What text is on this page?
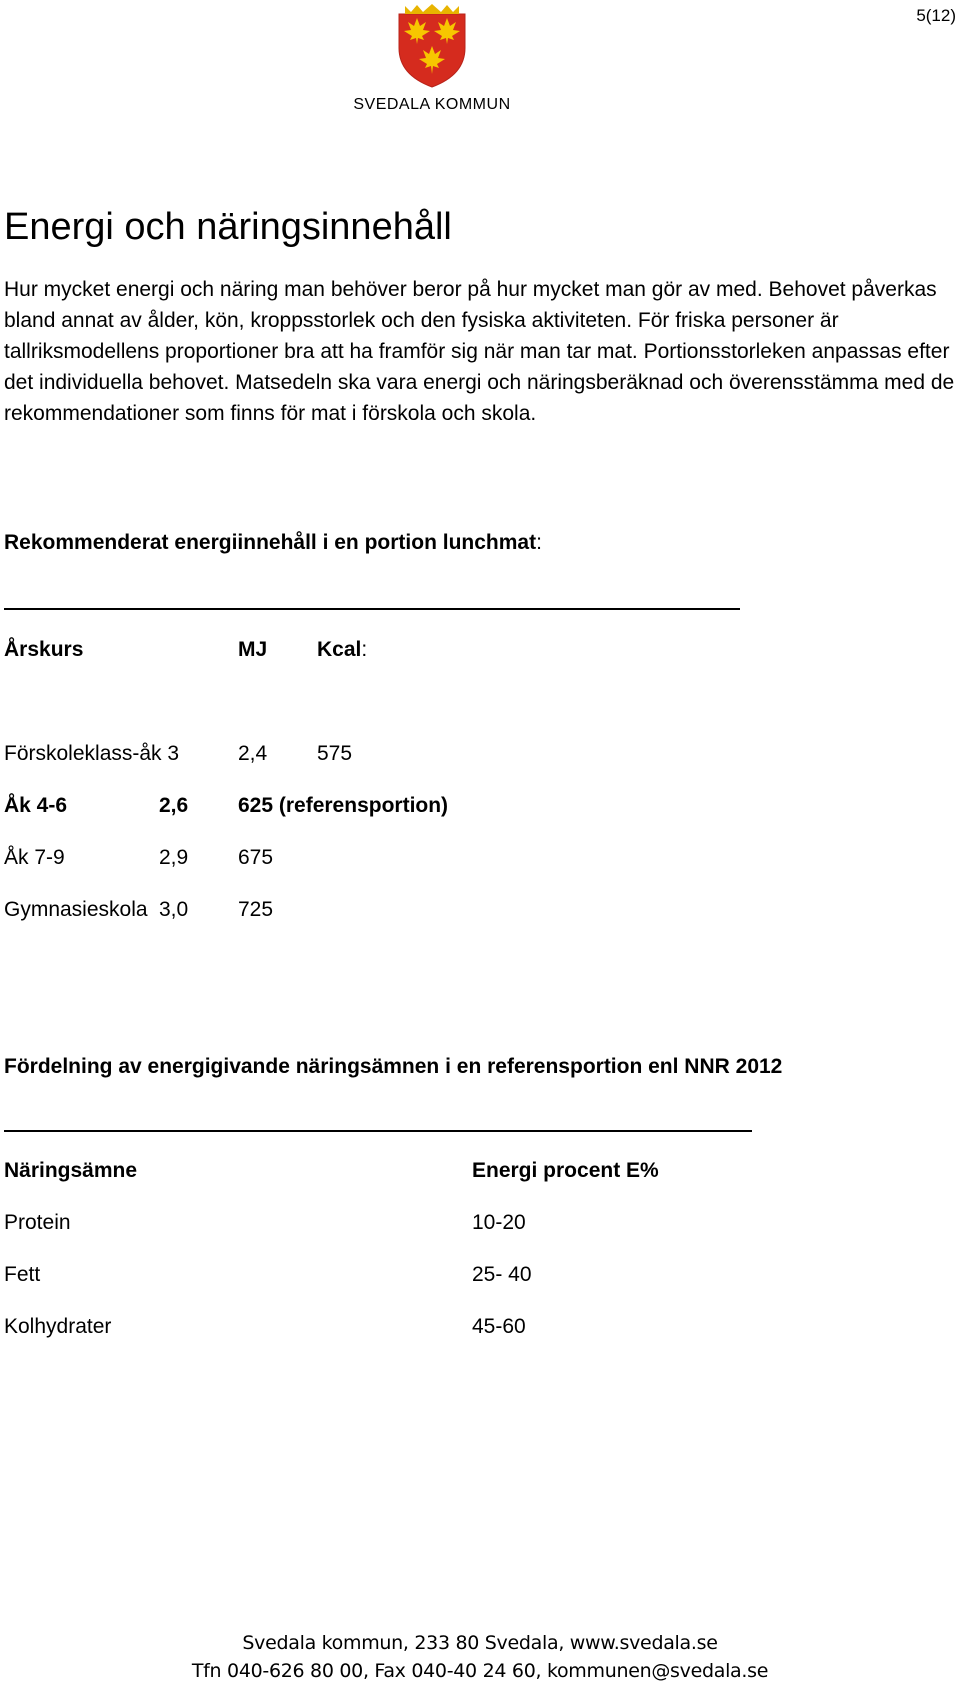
5(12)
SVEDALA KOMMUN
Energi och näringsinnehåll

Hur mycket energi och näring man behöver beror på hur mycket man gör av med. Behovet påverkas bland annat av ålder, kön, kroppsstorlek och den fysiska aktiviteten. För friska personer är tallriksmodellens proportioner bra att ha framför sig när man tar mat. Portionsstorleken anpassas efter det individuella behovet. Matsedeln ska vara energi och näringsberäknad och överensstämma med de rekommendationer som finns för mat i förskola och skola.

Rekommenderat energiinnehåll i en portion lunchmat:
Årskurs	MJ Kcal:
Förskoleklass-åk 3	2,4 575
Åk 4-6	2,6 625 (referensportion)
Åk 7-9	2,9 675
Gymnasieskola 3,0 725
Fördelning av energigivande näringsämnen i en referensportion enl NNR 2012
Näringsämne	Energi procent E%
Protein	10-20
Fett	25- 40
Kolhydrater	45-60
Svedala kommun, 233 80 Svedala, www.svedala.se
Tfn 040-626 80 00, Fax 040-40 24 60, kommunen@svedala.se
